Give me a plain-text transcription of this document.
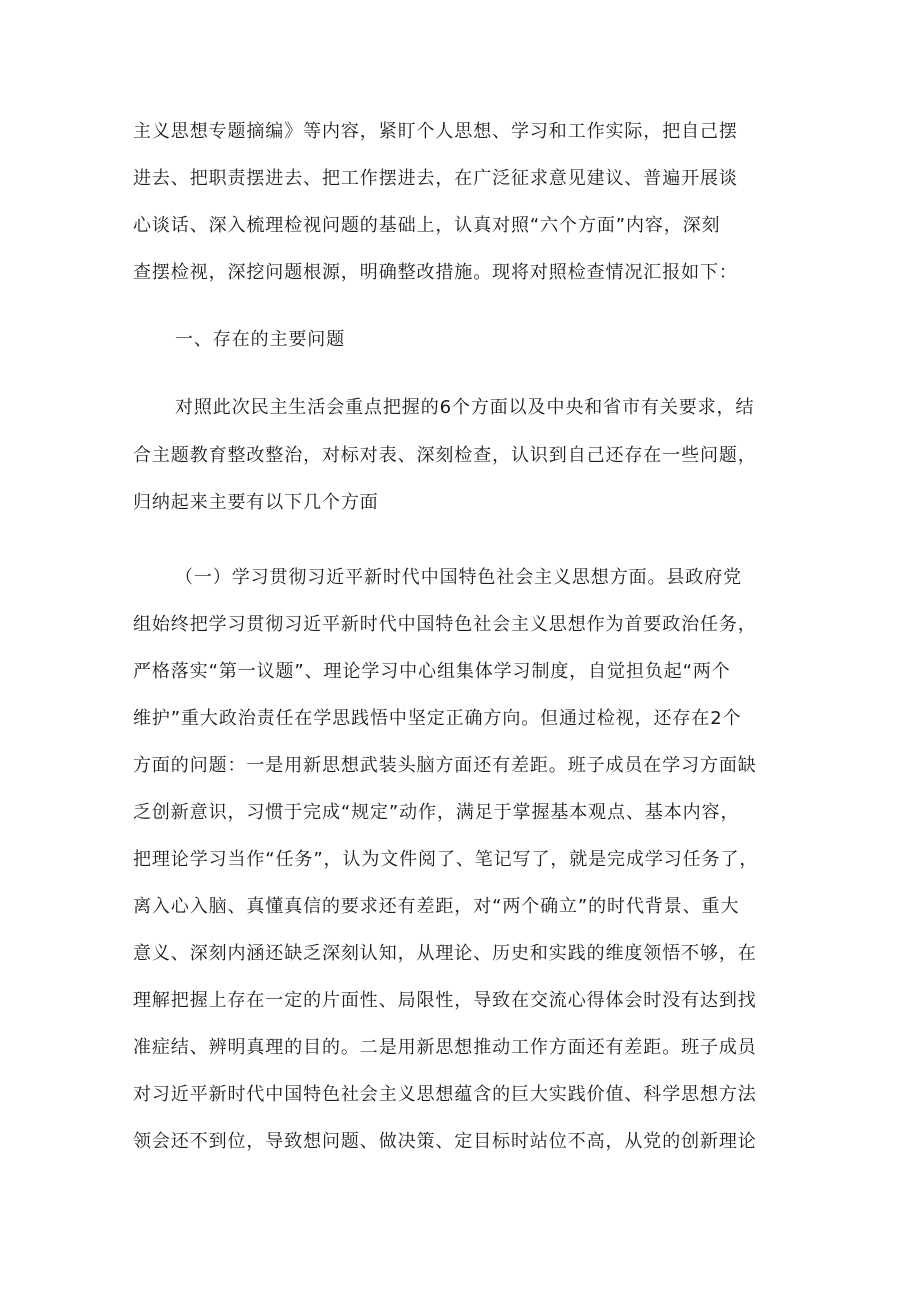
主义思想专题摘编》等内容，紧盯个人思想、学习和工作实际，把自己摆
进去、把职责摆进去、把工作摆进去，在广泛征求意见建议、普遍开展谈
心谈话、深入梳理检视问题的基础上，认真对照“六个方面”内容，深刻
查摆检视，深挖问题根源，明确整改措施。现将对照检查情况汇报如下：
一、存在的主要问题
对照此次民主生活会重点把握的6个方面以及中央和省市有关要求，结
合主题教育整改整治，对标对表、深刻检查，认识到自己还存在一些问题，
归纳起来主要有以下几个方面
（一）学习贯彻习近平新时代中国特色社会主义思想方面。县政府党
组始终把学习贯彻习近平新时代中国特色社会主义思想作为首要政治任务，
严格落实“第一议题”、理论学习中心组集体学习制度，自觉担负起“两个
维护”重大政治责任在学思践悟中坚定正确方向。但通过检视，还存在2个
方面的问题：一是用新思想武装头脑方面还有差距。班子成员在学习方面缺
乏创新意识，习惯于完成“规定”动作，满足于掌握基本观点、基本内容，
把理论学习当作“任务”，认为文件阅了、笔记写了，就是完成学习任务了，
离入心入脑、真懂真信的要求还有差距，对“两个确立”的时代背景、重大
意义、深刻内涵还缺乏深刻认知，从理论、历史和实践的维度领悟不够，在
理解把握上存在一定的片面性、局限性，导致在交流心得体会时没有达到找
准症结、辨明真理的目的。二是用新思想推动工作方面还有差距。班子成员
对习近平新时代中国特色社会主义思想蕴含的巨大实践价值、科学思想方法
领会还不到位，导致想问题、做决策、定目标时站位不高，从党的创新理论
